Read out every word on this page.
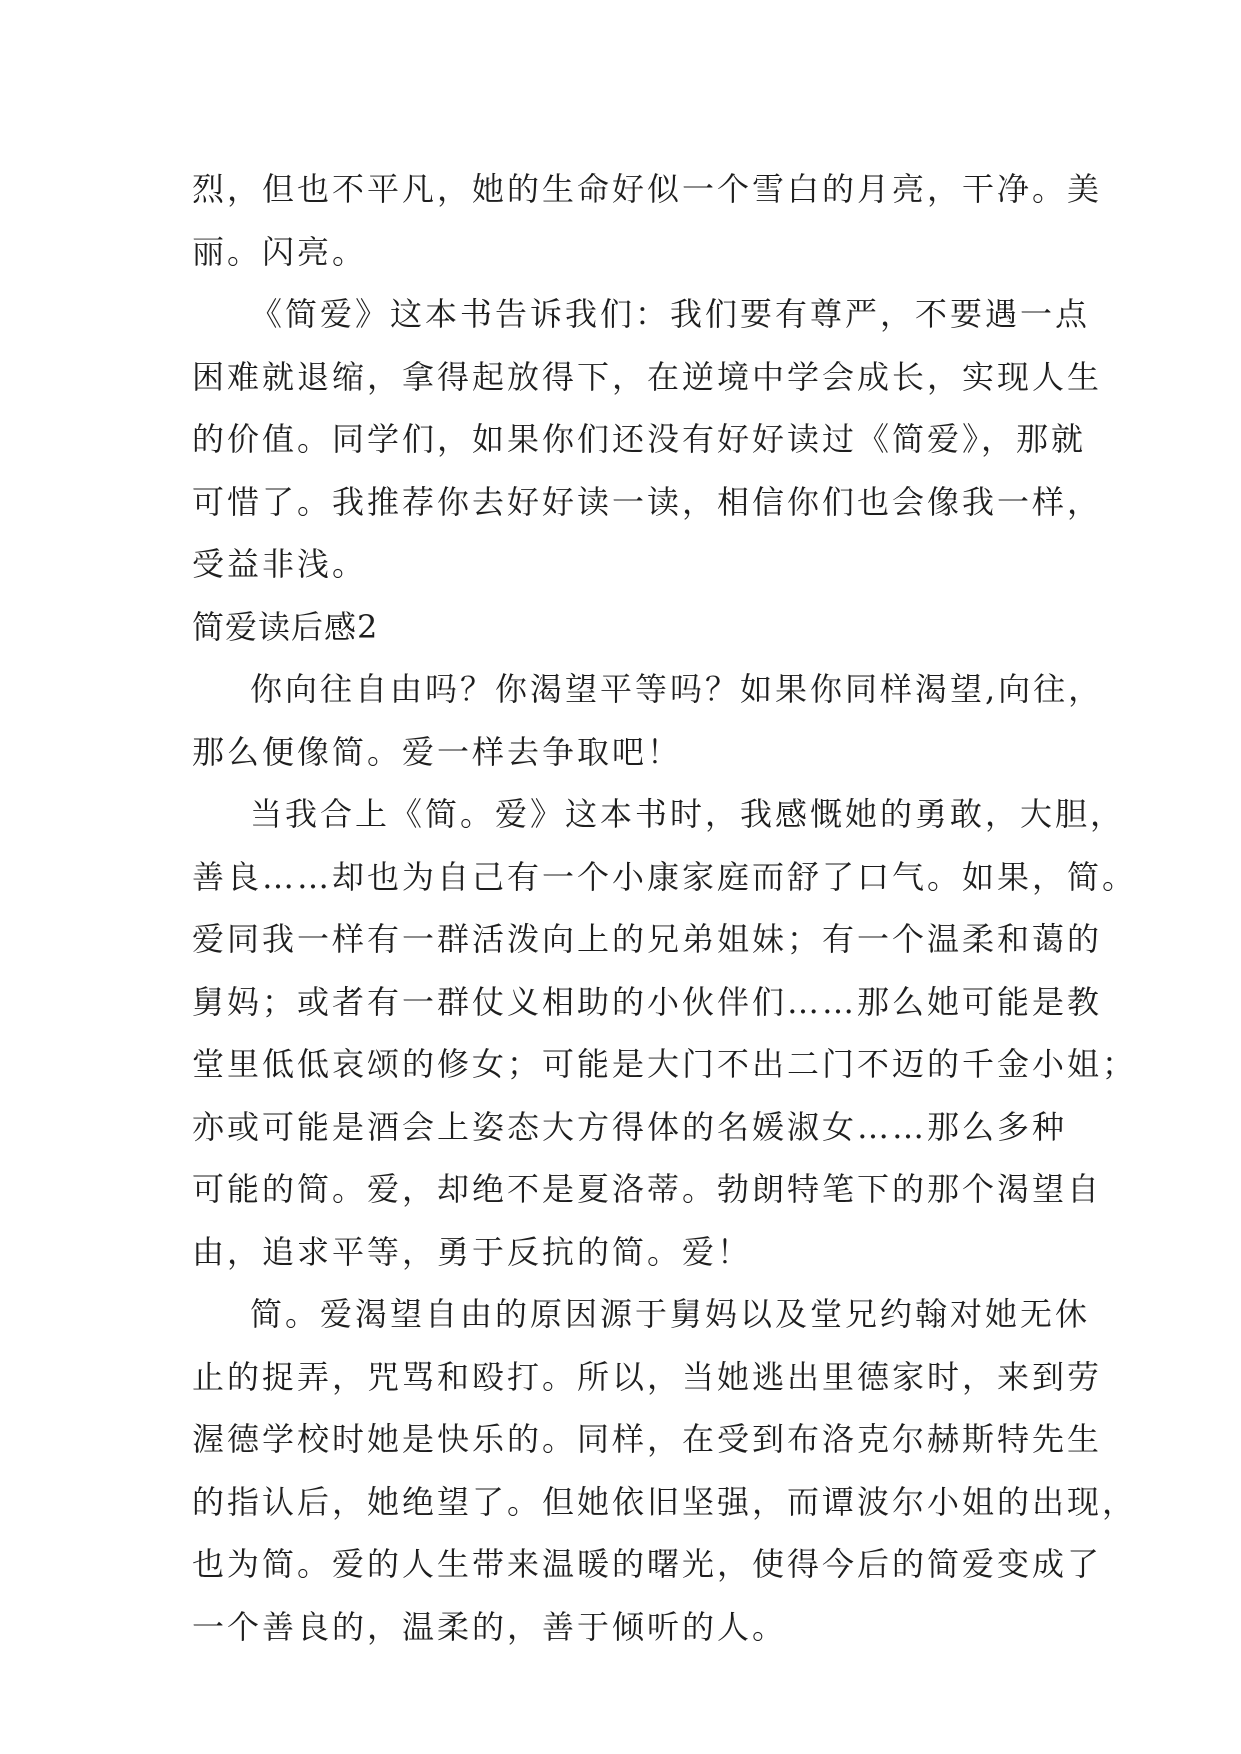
烈，但也不平凡，她的生命好似一个雪白的月亮，干净。美
丽。闪亮。
《简爱》这本书告诉我们：我们要有尊严，不要遇一点
困难就退缩，拿得起放得下，在逆境中学会成长，实现人生
的价值。同学们，如果你们还没有好好读过《简爱》，那就
可惜了。我推荐你去好好读一读，相信你们也会像我一样，
受益非浅。
简爱读后感2
你向往自由吗？你渴望平等吗？如果你同样渴望,向往，
那么便像简。爱一样去争取吧！
当我合上《简。爱》这本书时，我感慨她的勇敢，大胆，
善良……却也为自己有一个小康家庭而舒了口气。如果，简。
爱同我一样有一群活泼向上的兄弟姐妹；有一个温柔和蔼的
舅妈；或者有一群仗义相助的小伙伴们……那么她可能是教
堂里低低哀颂的修女；可能是大门不出二门不迈的千金小姐；
亦或可能是酒会上姿态大方得体的名媛淑女……那么多种
可能的简。爱，却绝不是夏洛蒂。勃朗特笔下的那个渴望自
由，追求平等，勇于反抗的简。爱！
简。爱渴望自由的原因源于舅妈以及堂兄约翰对她无休
止的捉弄，咒骂和殴打。所以，当她逃出里德家时，来到劳
渥德学校时她是快乐的。同样，在受到布洛克尔赫斯特先生
的指认后，她绝望了。但她依旧坚强，而谭波尔小姐的出现，
也为简。爱的人生带来温暖的曙光，使得今后的简爱变成了
一个善良的，温柔的，善于倾听的人。
